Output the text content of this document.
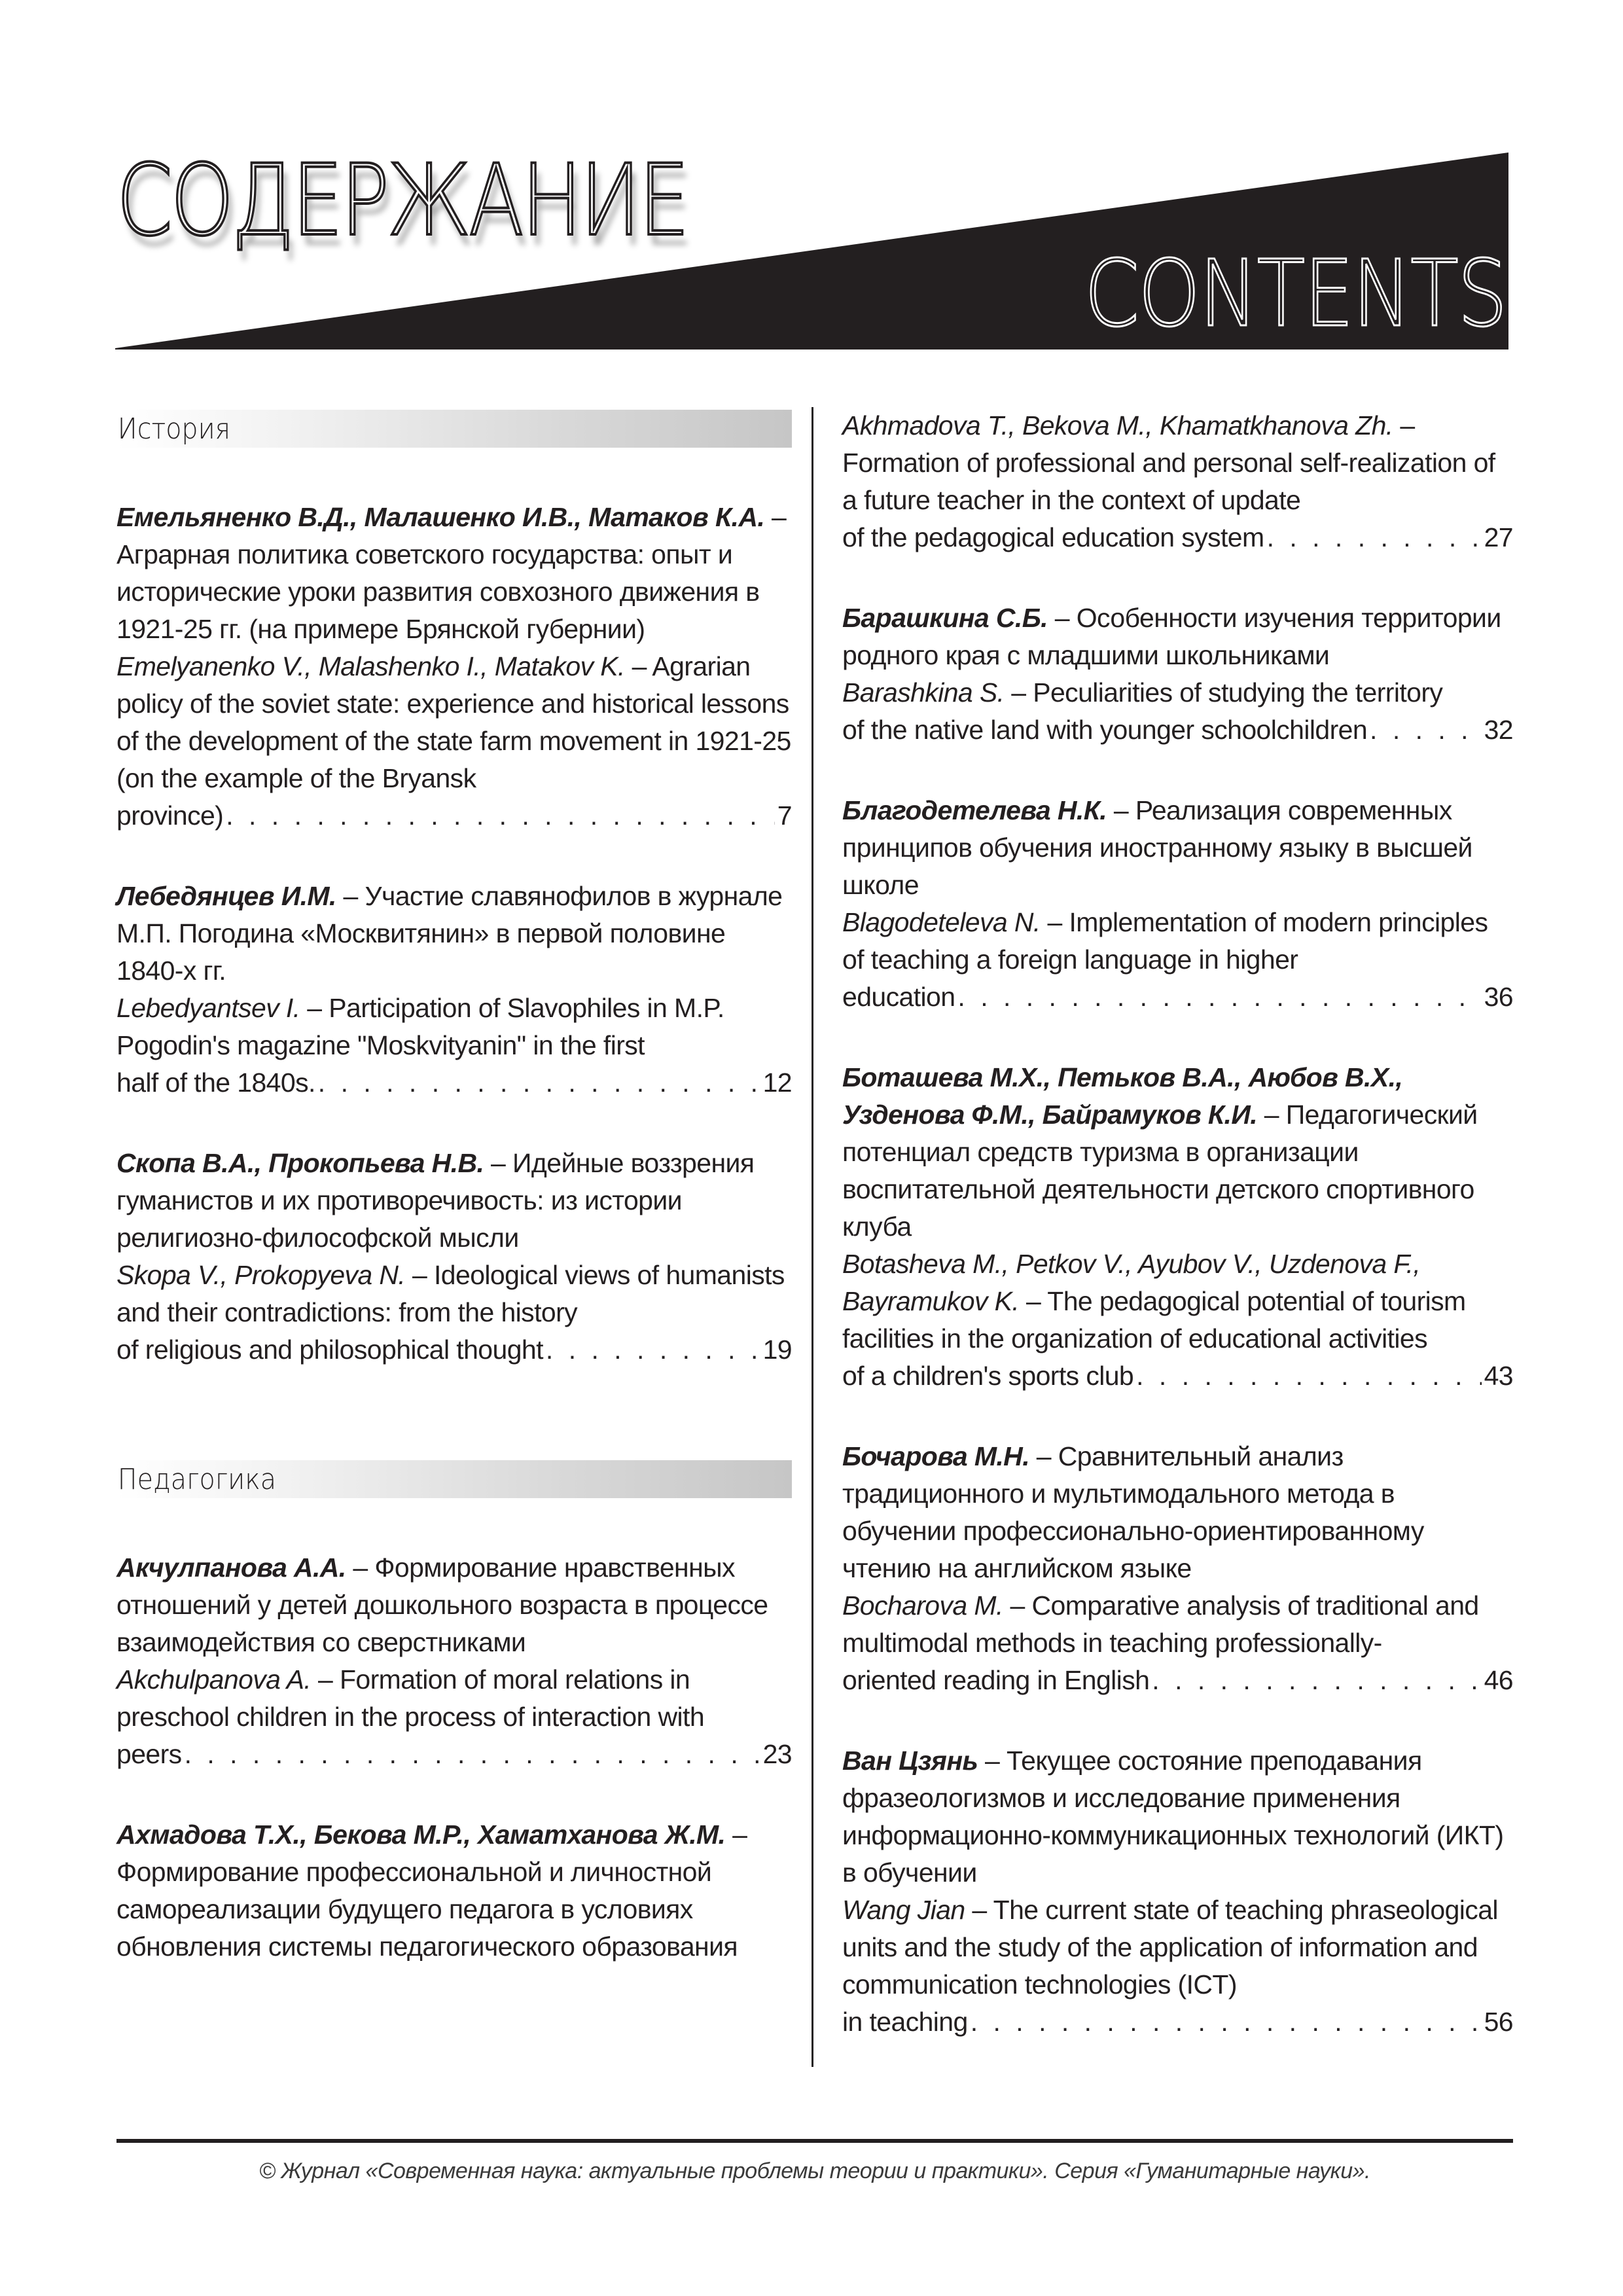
СОДЕРЖАНИЕ
CONTENTS
История

Емельяненко В.Д., Малашенко И.В., Матаков К.А. – Аграрная политика советского государства: опыт и исторические уроки развития совхозного движения в 1921-25 гг. (на примере Брянской губернии)

Emelyanenko V., Malashenko I., Matakov K. – Agrarian policy of the soviet state: experience and historical lessons of the development of the state farm movement in 1921-25 (on the example of the Bryansk

province) . . .	7

Лебедянцев И.М. – Участие славянофилов в журнале М.П. Погодина «Москвитянин» в первой половине 1840-х гг.

Lebedyantsev I. – Participation of Slavophiles in M.P. Pogodin's magazine "Moskvityanin" in the first

half of the 1840s. . . .	12

Скопа В.А., Прокопьева Н.В. – Идейные воззрения гуманистов и их противоречивость: из истории религиозно-философской мысли

Skopa V., Prokopyeva N. – Ideological views of humanists and their contradictions: from the history

of religious and philosophical thought . . .	19

Педагогика

Акчулпанова А.А. – Формирование нравственных отношений у детей дошкольного возраста в процессе взаимодействия со сверстниками

Akchulpanova A. – Formation of moral relations in preschool children in the process of interaction with

peers . . .	23

Ахмадова Т.Х., Бекова М.Р., Хаматханова Ж.М. – Формирование профессиональной и личностной самореализации будущего педагога в условиях обновления системы педагогического образования

Akhmadova T., Bekova M., Khamatkhanova Zh. – Formation of professional and personal self-realization of a future teacher in the context of update

of the pedagogical education system . . .	27

Барашкина С.Б. – Особенности изучения территории родного края с младшими школьниками

Barashkina S. – Peculiarities of studying the territory

of the native land with younger schoolchildren . . .	32

Благодетелева Н.К. – Реализация современных принципов обучения иностранному языку в высшей школе

Blagodeteleva N. – Implementation of modern principles of teaching a foreign language in higher

education . . .	36

Боташева М.Х., Петьков В.А., Аюбов В.Х., Узденова Ф.М., Байрамуков К.И. – Педагогический потенциал средств туризма в организации воспитательной деятельности детского спортивного клуба

Botasheva M., Petkov V., Ayubov V., Uzdenova F., Bayramukov K. – The pedagogical potential of tourism facilities in the organization of educational activities

of a children's sports club . . .	43

Бочарова М.Н. – Сравнительный анализ традиционного и мультимодального метода в обучении профессионально-ориентированному чтению на английском языке

Bocharova M. – Comparative analysis of traditional and multimodal methods in teaching professionally-

oriented reading in English . . .	46

Ван Цзянь – Текущее состояние преподавания фразеологизмов и исследование применения информационно-коммуникационных технологий (ИКТ) в обучении

Wang Jian – The current state of teaching phraseological units and the study of the application of information and communication technologies (ICT)

in teaching . . .	56

© Журнал «Современная наука: актуальные проблемы теории и практики». Серия «Гуманитарные науки».
